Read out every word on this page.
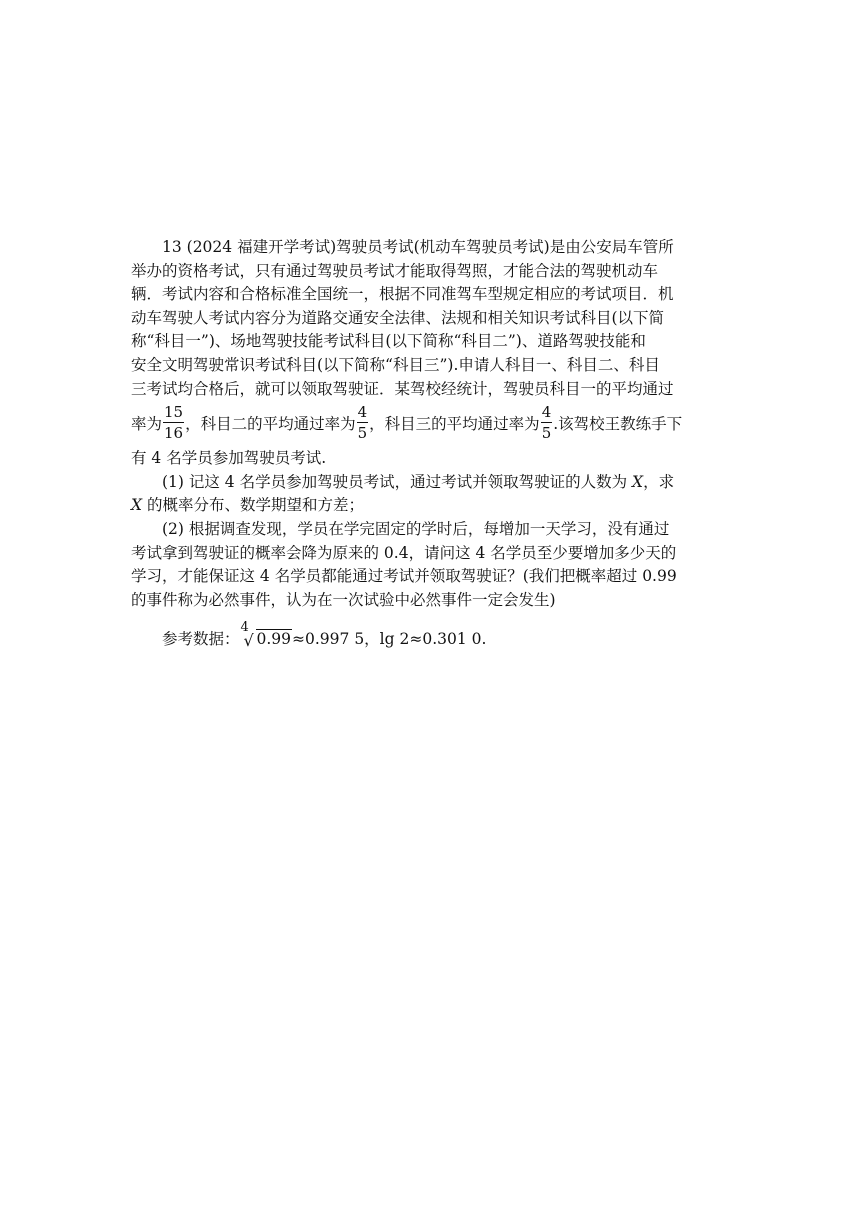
13 (2024 福建开学考试)驾驶员考试(机动车驾驶员考试)是由公安局车管所
举办的资格考试，只有通过驾驶员考试才能取得驾照，才能合法的驾驶机动车
辆．考试内容和合格标准全国统一，根据不同准驾车型规定相应的考试项目．机
动车驾驶人考试内容分为道路交通安全法律、法规和相关知识考试科目(以下简
称“科目一”)、场地驾驶技能考试科目(以下简称“科目二”)、道路驾驶技能和
安全文明驾驶常识考试科目(以下简称“科目三”).申请人科目一、科目二、科目
三考试均合格后，就可以领取驾驶证．某驾校经统计，驾驶员科目一的平均通过
率为 $\frac{15}{16}$ ，科目二的平均通过率为 $\frac{4}{5}$ ，科目三的平均通过率为 $\frac{4}{5}$ .该驾校王教练手下
有 4 名学员参加驾驶员考试.
(1) 记这 4 名学员参加驾驶员考试，通过考试并领取驾驶证的人数为 X，求
X 的概率分布、数学期望和方差；
(2) 根据调查发现，学员在学完固定的学时后，每增加一天学习，没有通过
考试拿到驾驶证的概率会降为原来的 0.4，请问这 4 名学员至少要增加多少天的
学习，才能保证这 4 名学员都能通过考试并领取驾驶证？(我们把概率超过 0.99
的事件称为必然事件，认为在一次试验中必然事件一定会发生)
参考数据：
4
√ 0.99≈0.997 5，lg 2≈0.301 0.
